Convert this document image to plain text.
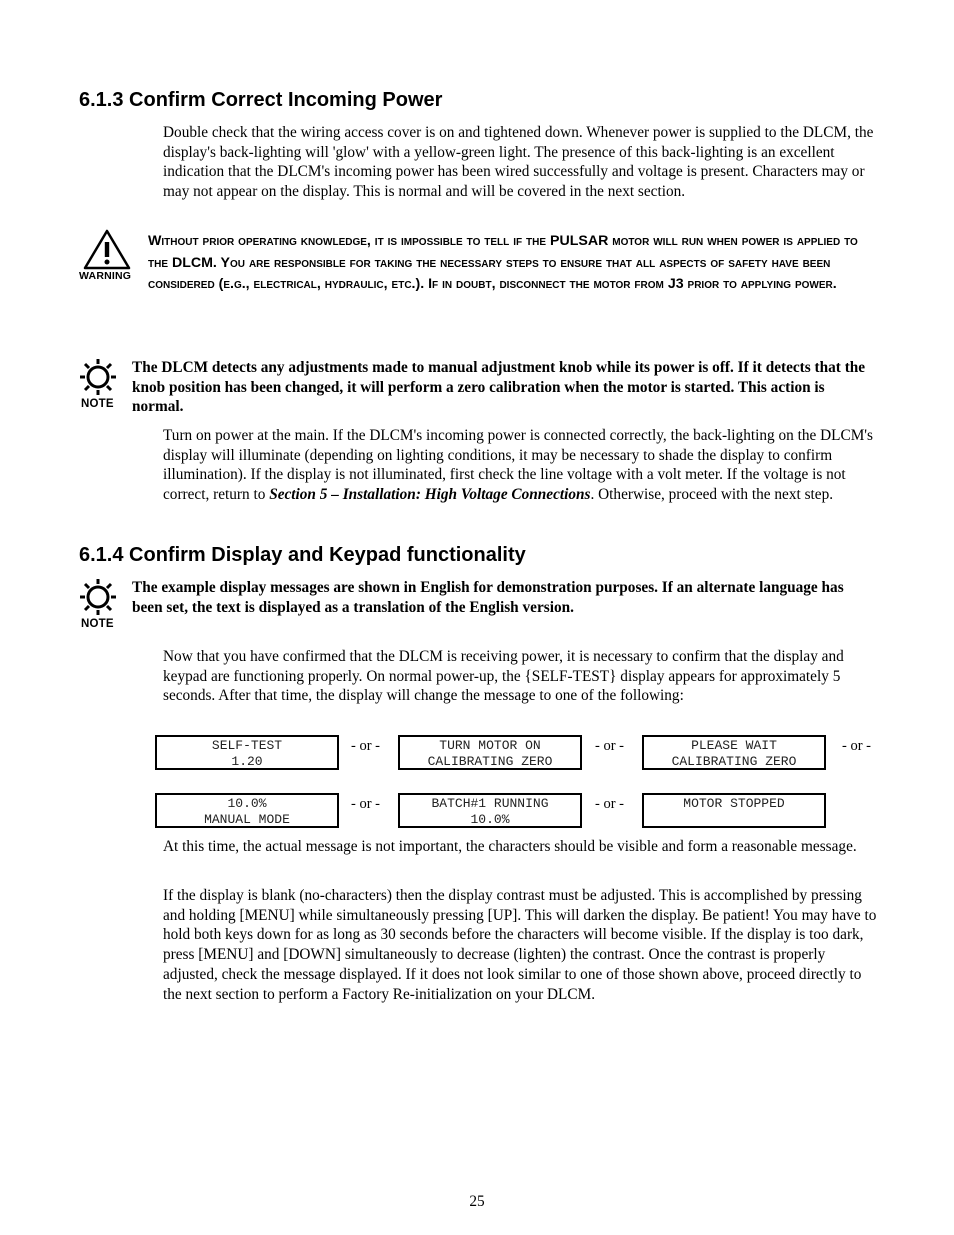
6.1.3 Confirm Correct Incoming Power

Double check that the wiring access cover is on and tightened down. Whenever power is supplied to the DLCM, the display's back-lighting will 'glow' with a yellow-green light. The presence of this back-lighting is an excellent indication that the DLCM's incoming power has been wired successfully and voltage is present. Characters may or may not appear on the display. This is normal and will be covered in the next section.

WARNING

Without prior operating knowledge, it is impossible to tell if the PULSAR motor will run when power is applied to the DLCM. You are responsible for taking the necessary steps to ensure that all aspects of safety have been considered (e.g., electrical, hydraulic, etc.). If in doubt, disconnect the motor from J3 prior to applying power.

NOTE

The DLCM detects any adjustments made to manual adjustment knob while its power is off. If it detects that the knob position has been changed, it will perform a zero calibration when the motor is started. This action is normal.

Turn on power at the main. If the DLCM's incoming power is connected correctly, the back-lighting on the DLCM's display will illuminate (depending on lighting conditions, it may be necessary to shade the display to confirm illumination). If the display is not illuminated, first check the line voltage with a volt meter. If the voltage is not correct, return to Section 5 – Installation: High Voltage Connections. Otherwise, proceed with the next step.

6.1.4 Confirm Display and Keypad functionality
NOTE

The example display messages are shown in English for demonstration purposes. If an alternate language has been set, the text is displayed as a translation of the English version.

Now that you have confirmed that the DLCM is receiving power, it is necessary to confirm that the display and keypad are functioning properly. On normal power-up, the {SELF-TEST} display appears for approximately 5 seconds. After that time, the display will change the message to one of the following:

SELF-TEST
1.20
- or -	TURN MOTOR ON
CALIBRATING ZERO
- or -	PLEASE WAIT
CALIBRATING ZERO
- or -
10.0%
MANUAL MODE
- or -	BATCH#1 RUNNING
10.0%
- or -	MOTOR STOPPED

At this time, the actual message is not important, the characters should be visible and form a reasonable message.

If the display is blank (no-characters) then the display contrast must be adjusted. This is accomplished by pressing and holding [MENU] while simultaneously pressing [UP]. This will darken the display. Be patient! You may have to hold both keys down for as long as 30 seconds before the characters will become visible. If the display is too dark, press [MENU] and [DOWN] simultaneously to decrease (lighten) the contrast. Once the contrast is properly adjusted, check the message displayed. If it does not look similar to one of those shown above, proceed directly to the next section to perform a Factory Re-initialization on your DLCM.

25
